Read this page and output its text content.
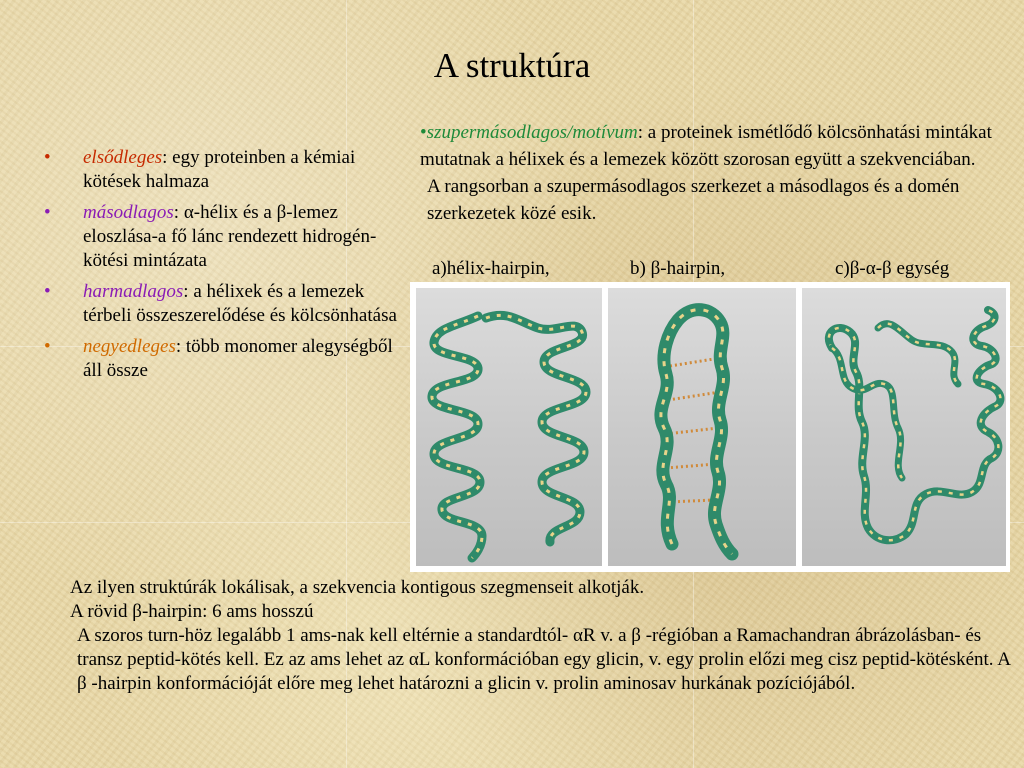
A struktúra
• elsődleges: egy proteinben a kémiai kötések halmaza
• másodlagos: α-hélix és a β-lemez eloszlása-a fő lánc rendezett hidrogén-kötési mintázata
• harmadlagos: a hélixek és a lemezek térbeli összeszerelődése és kölcsönhatása
• negyedleges: több monomer alegységből áll össze

•szupermásodlagos/motívum: a proteinek ismétlődő kölcsönhatási mintákat mutatnak a hélixek és a lemezek között szorosan együtt a szekvenciában.

A rangsorban a szupermásodlagos szerkezet a másodlagos és a domén szerkezetek közé esik.

a)hélix-hairpin,	b) β-hairpin,	c)β-α-β egység

Az ilyen struktúrák lokálisak, a szekvencia kontigous szegmenseit alkotják.

A rövid β-hairpin: 6 ams hosszú

A szoros turn-höz legalább 1 ams-nak kell eltérnie a standardtól- αR v. a β -régióban a Ramachandran ábrázolásban- és transz peptid-kötés kell. Ez az ams lehet az αL konformációban egy glicin, v. egy prolin előzi meg cisz peptid-kötésként. A β -hairpin konformációját előre meg lehet határozni a glicin v. prolin aminosav hurkának pozíciójából.
